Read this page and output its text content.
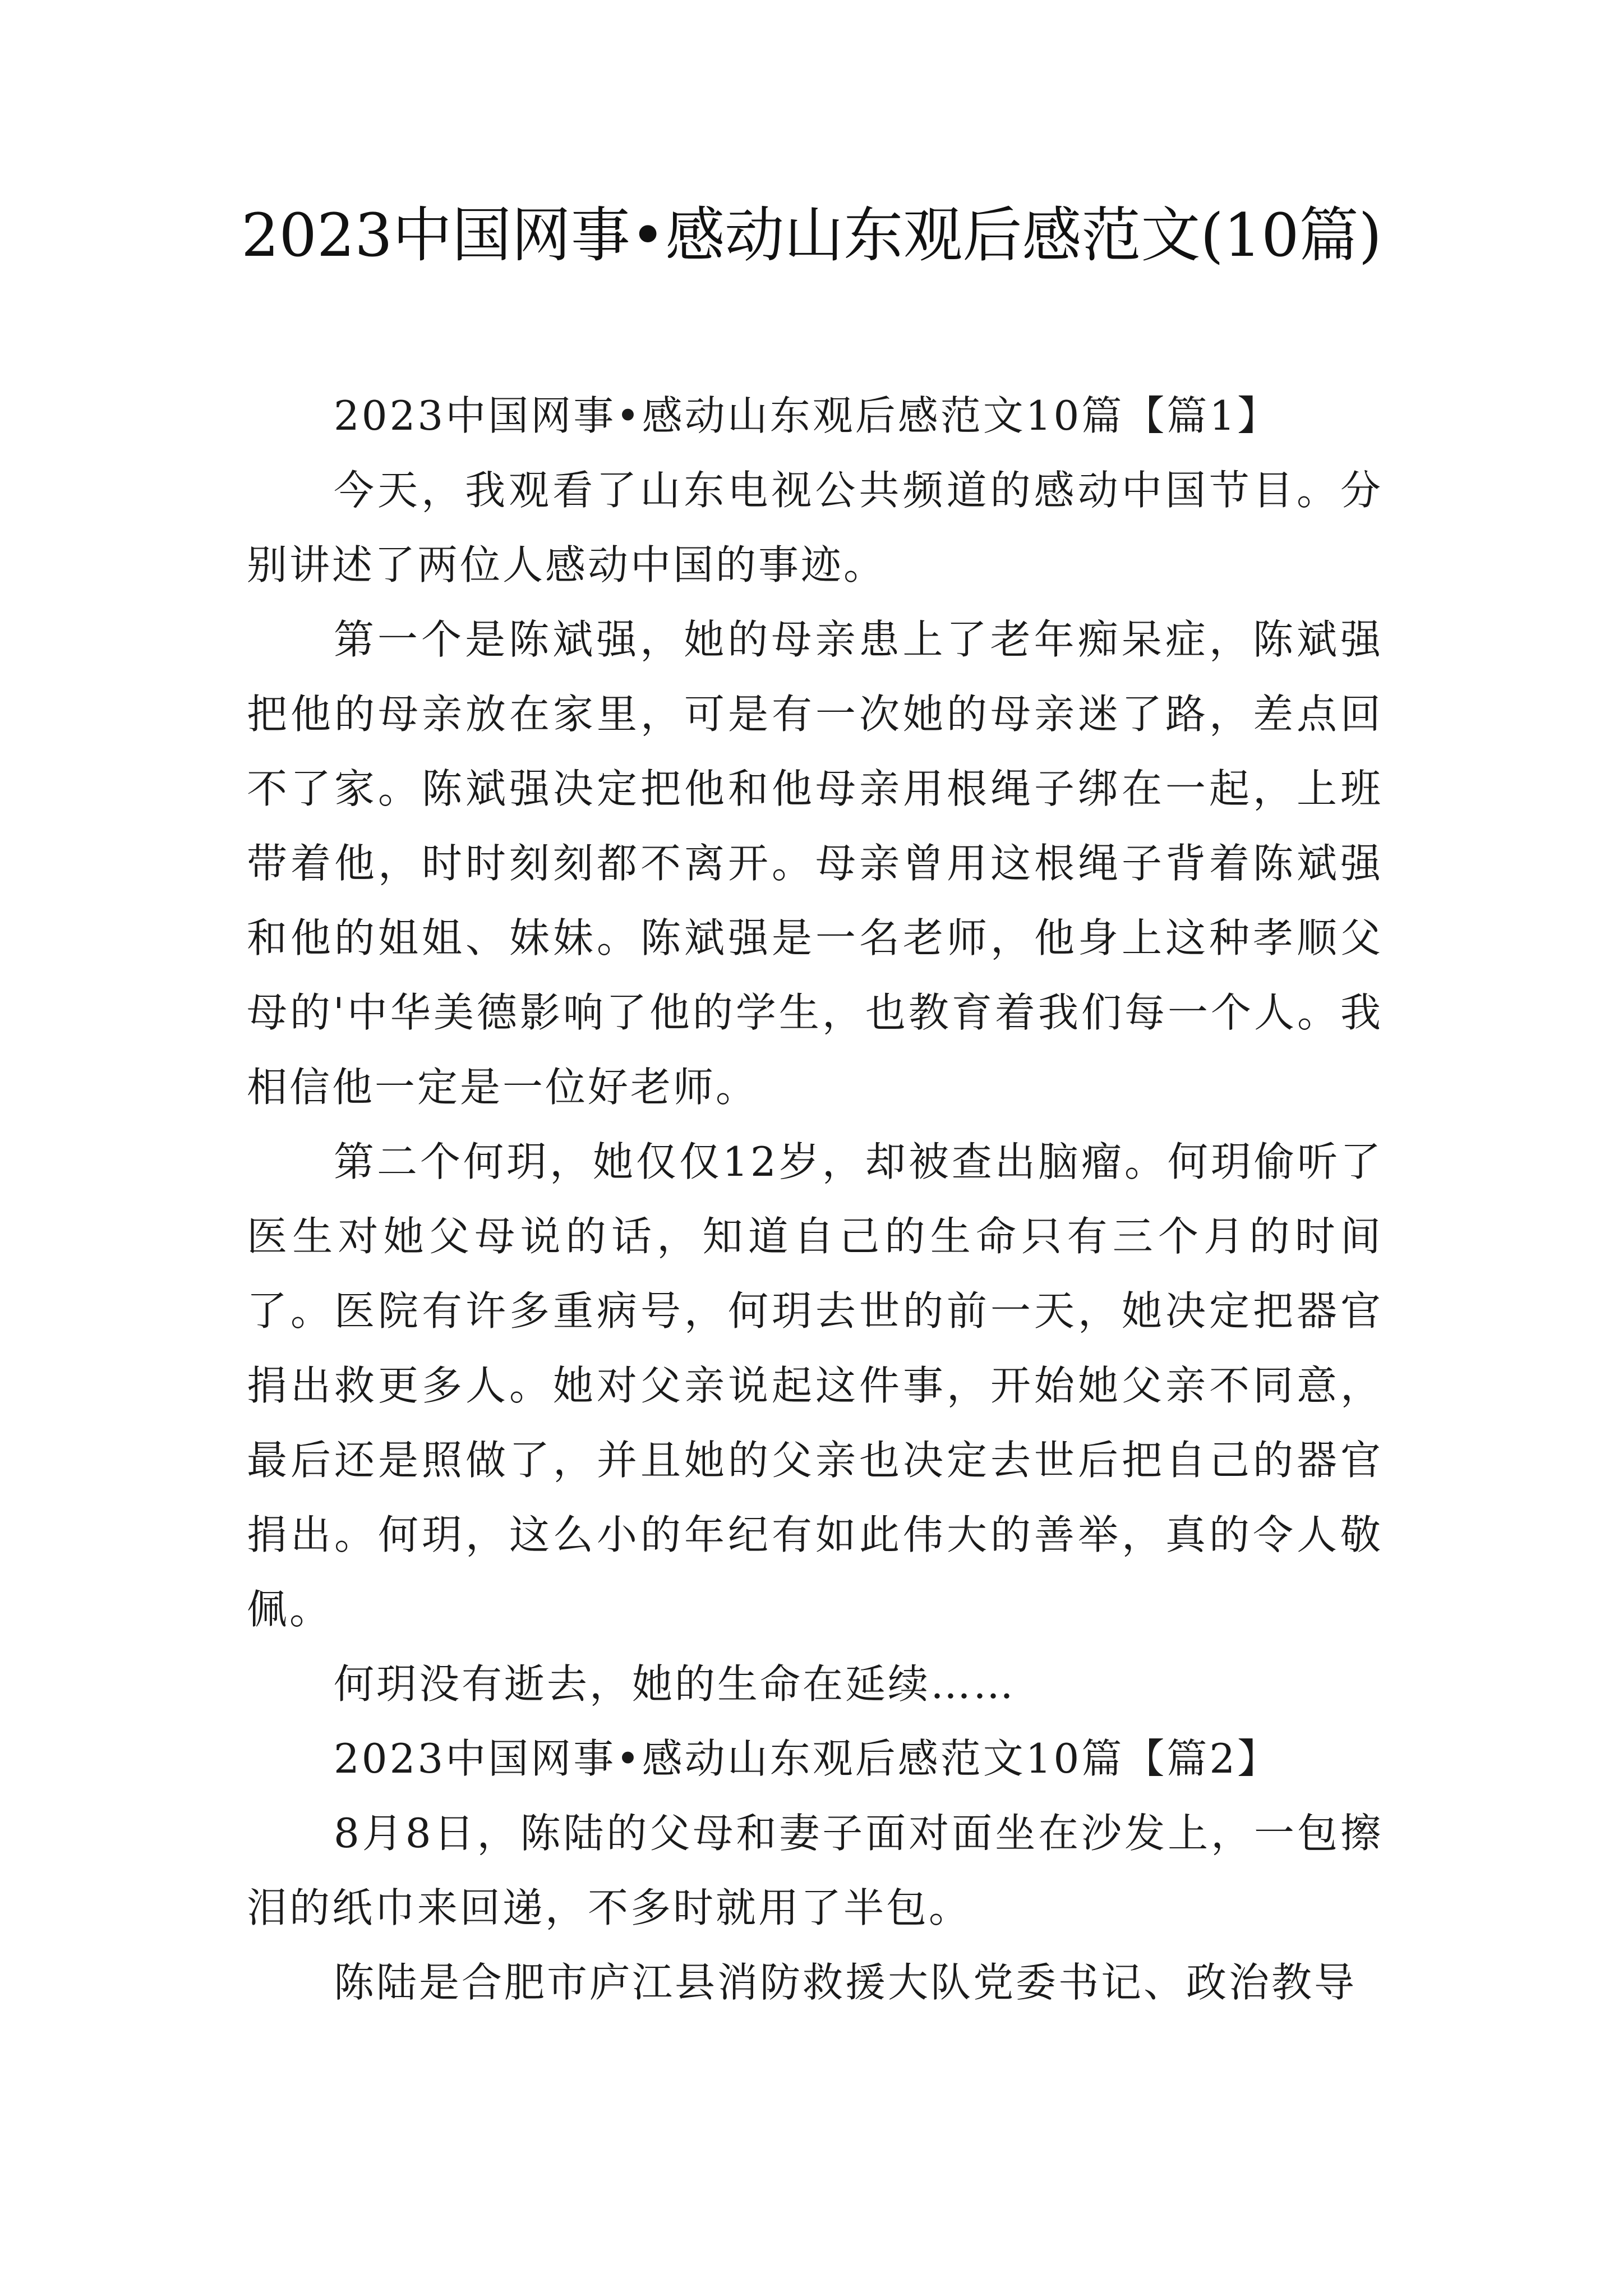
2023中国网事•感动山东观后感范文(10篇)

2023中国网事•感动山东观后感范文10篇【篇1】

今天，我观看了山东电视公共频道的感动中国节目。分别讲述了两位人感动中国的事迹。

第一个是陈斌强，她的母亲患上了老年痴呆症，陈斌强把他的母亲放在家里，可是有一次她的母亲迷了路，差点回不了家。陈斌强决定把他和他母亲用根绳子绑在一起，上班带着他，时时刻刻都不离开。母亲曾用这根绳子背着陈斌强和他的姐姐、妹妹。陈斌强是一名老师，他身上这种孝顺父母的'中华美德影响了他的学生，也教育着我们每一个人。我相信他一定是一位好老师。

第二个何玥，她仅仅12岁，却被查出脑瘤。何玥偷听了医生对她父母说的话，知道自己的生命只有三个月的时间了。医院有许多重病号，何玥去世的前一天，她决定把器官捐出救更多人。她对父亲说起这件事，开始她父亲不同意，最后还是照做了，并且她的父亲也决定去世后把自己的器官捐出。何玥，这么小的年纪有如此伟大的善举，真的令人敬佩。

何玥没有逝去，她的生命在延续……

2023中国网事•感动山东观后感范文10篇【篇2】

8月8日，陈陆的父母和妻子面对面坐在沙发上，一包擦泪的纸巾来回递，不多时就用了半包。

陈陆是合肥市庐江县消防救援大队党委书记、政治教导
